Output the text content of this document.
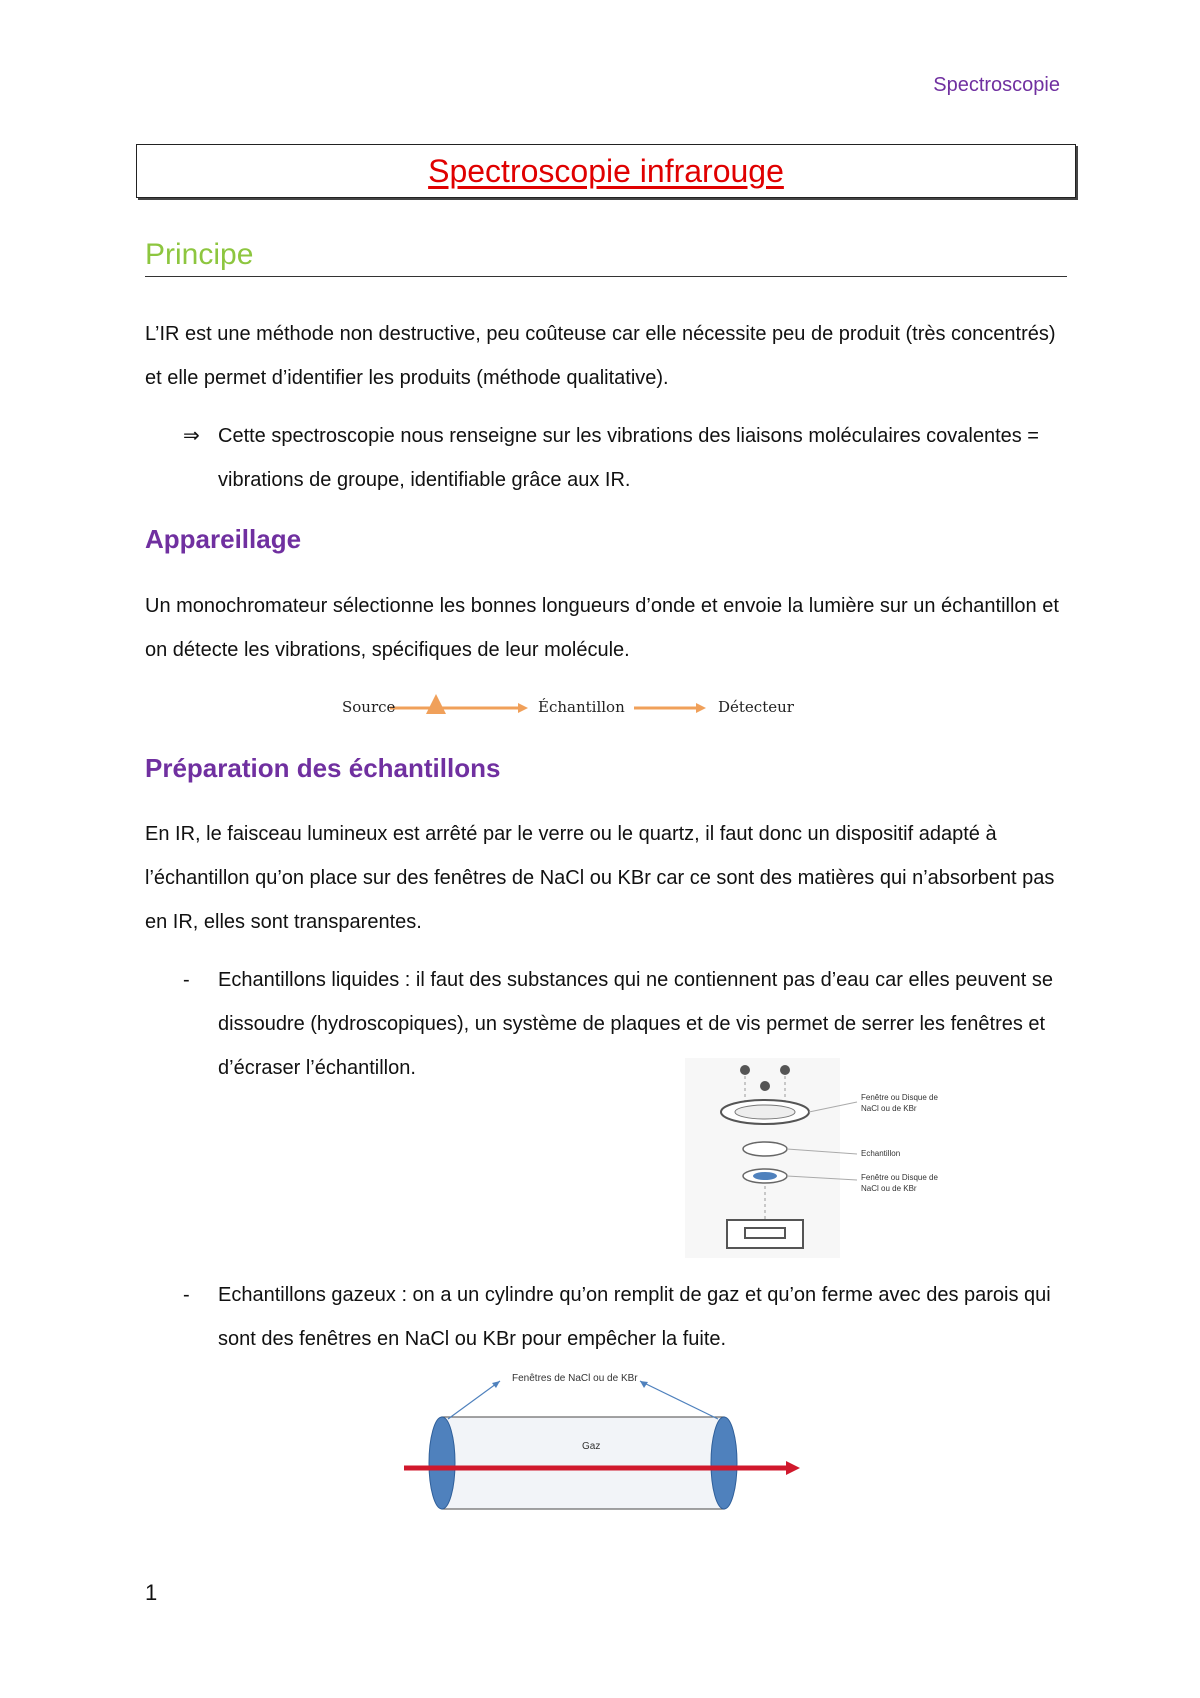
Spectroscopie
Spectroscopie infrarouge
Principe

L’IR est une méthode non destructive, peu coûteuse car elle nécessite peu de produit (très concentrés) et elle permet d’identifier les produits (méthode qualitative).

⇒ Cette spectroscopie nous renseigne sur les vibrations des liaisons moléculaires covalentes = vibrations de groupe, identifiable grâce aux IR.
Appareillage

Un monochromateur sélectionne les bonnes longueurs d’onde et envoie la lumière sur un échantillon et on détecte les vibrations, spécifiques de leur molécule.

Source	Échantillon	Détecteur
Préparation des échantillons

En IR, le faisceau lumineux est arrêté par le verre ou le quartz, il faut donc un dispositif adapté à l’échantillon qu’on place sur des fenêtres de NaCl ou KBr car ce sont des matières qui n’absorbent pas en IR, elles sont transparentes.

- Echantillons liquides : il faut des substances qui ne contiennent pas d’eau car elles peuvent se dissoudre (hydroscopiques), un système de plaques et de vis permet de serrer les fenêtres et d’écraser l’échantillon.
Fenêtre ou Disque de NaCl ou de KBr
Echantillon
Fenêtre ou Disque de NaCl ou de KBr
- Echantillons gazeux : on a un cylindre qu’on remplit de gaz et qu’on ferme avec des parois qui sont des fenêtres en NaCl ou KBr pour empêcher la fuite.
Fenêtres de NaCl ou de KBr
Gaz
1
